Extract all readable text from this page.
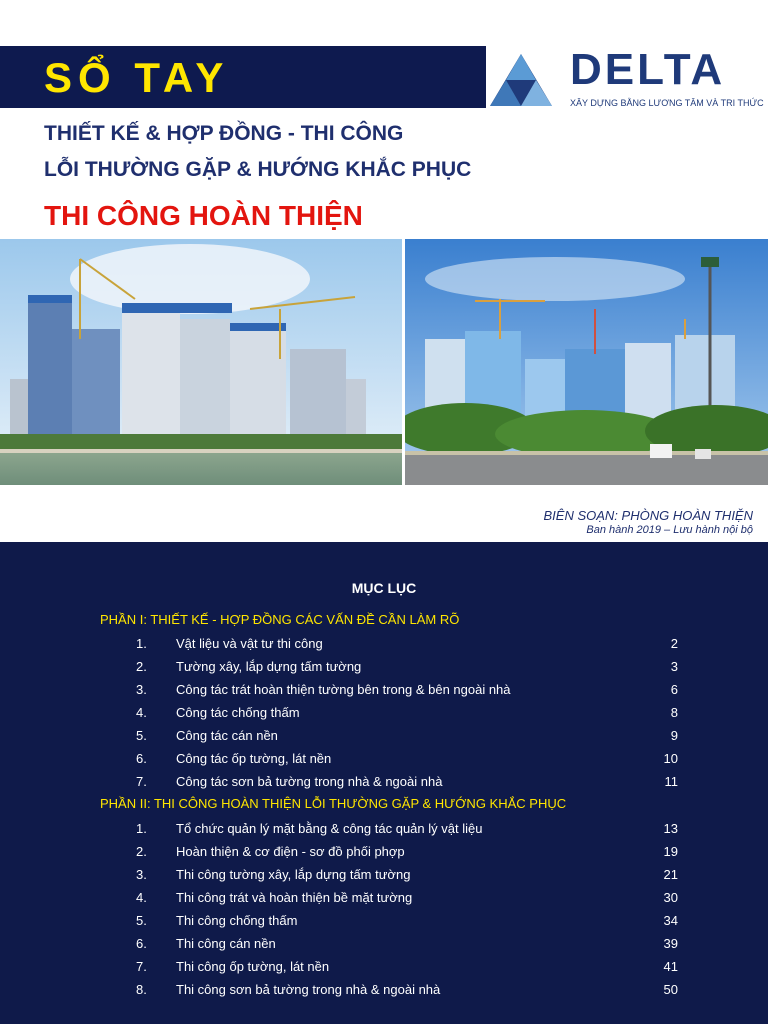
SỔ TAY	DELTA
XÂY DỰNG BẰNG LƯƠNG TÂM VÀ TRI THỨC
THIẾT KẾ & HỢP ĐỒNG - THI CÔNG
LỖI THƯỜNG GẶP & HƯỚNG KHẮC PHỤC
THI CÔNG HOÀN THIỆN
BIÊN SOẠN: PHÒNG HOÀN THIỆN
Ban hành 2019 – Lưu hành nội bộ
MỤC LỤC
PHẦN I: THIẾT KẾ - HỢP ĐỒNG CÁC VẤN ĐỀ CẦN LÀM RÕ
1. Vật liệu và vật tư thi công	2
2. Tường xây, lắp dựng tấm tường	3
3. Công tác trát hoàn thiện tường bên trong & bên ngoài nhà	6
4. Công tác chống thấm	8
5. Công tác cán nền	9
6. Công tác ốp tường, lát nền	10
7. Công tác sơn bả tường trong nhà & ngoài nhà	11
PHẦN II: THI CÔNG HOÀN THIỆN LỖI THƯỜNG GẶP & HƯỚNG KHẮC PHỤC
1. Tổ chức quản lý mặt bằng & công tác quản lý vật liệu	13
2. Hoàn thiện & cơ điện - sơ đồ phối phợp	19
3. Thi công tường xây, lắp dựng tấm tường	21
4. Thi công trát và hoàn thiện bề mặt tường	30
5. Thi công chống thấm	34
6. Thi công cán nền	39
7. Thi công ốp tường, lát nền	41
8. Thi công sơn bả tường trong nhà & ngoài nhà	50
